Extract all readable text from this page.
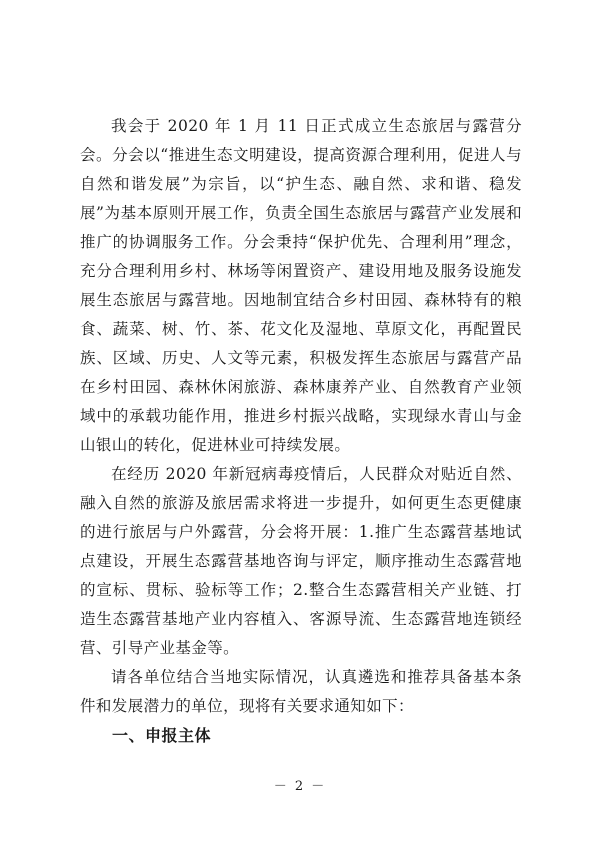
我会于 2020 年 1 月 11 日正式成立生态旅居与露营分会。分会以“推进生态文明建设，提高资源合理利用，促进人与自然和谐发展”为宗旨，以“护生态、融自然、求和谐、稳发展”为基本原则开展工作，负责全国生态旅居与露营产业发展和推广的协调服务工作。分会秉持“保护优先、合理利用”理念，充分合理利用乡村、林场等闲置资产、建设用地及服务设施发展生态旅居与露营地。因地制宜结合乡村田园、森林特有的粮食、蔬菜、树、竹、茶、花文化及湿地、草原文化，再配置民族、区域、历史、人文等元素，积极发挥生态旅居与露营产品在乡村田园、森林休闲旅游、森林康养产业、自然教育产业领域中的承载功能作用，推进乡村振兴战略，实现绿水青山与金山银山的转化，促进林业可持续发展。

在经历 2020 年新冠病毒疫情后，人民群众对贴近自然、融入自然的旅游及旅居需求将进一步提升，如何更生态更健康的进行旅居与户外露营，分会将开展：1.推广生态露营基地试点建设，开展生态露营基地咨询与评定，顺序推动生态露营地的宣标、贯标、验标等工作；2.整合生态露营相关产业链、打造生态露营基地产业内容植入、客源导流、生态露营地连锁经营、引导产业基金等。

请各单位结合当地实际情况，认真遴选和推荐具备基本条件和发展潜力的单位，现将有关要求通知如下：

一、申报主体

－ 2 －
